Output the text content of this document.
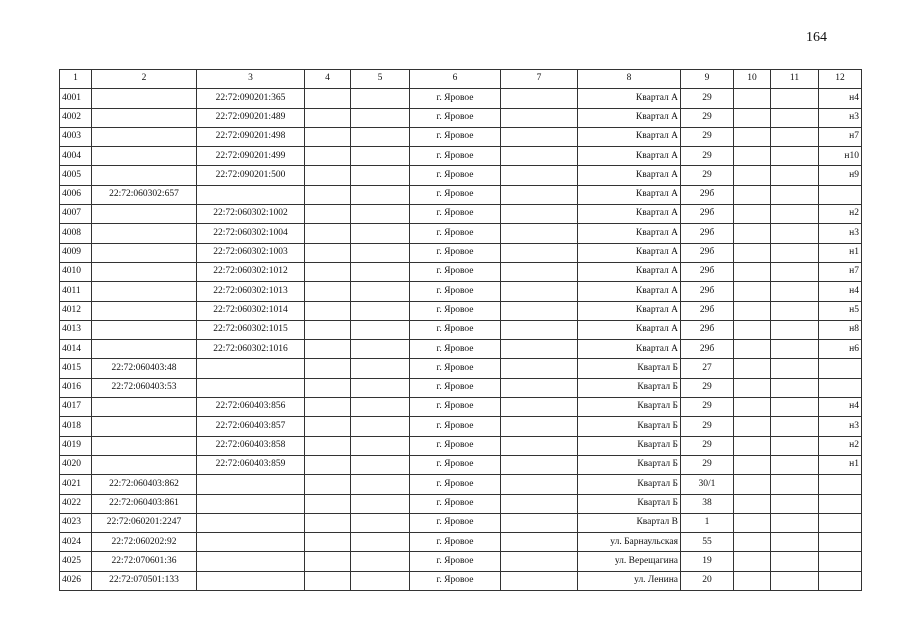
164
1	2	3	4	5	6	7	8	9	10	11	12
4001		22:72:090201:365			г. Яровое		Квартал А	29			н4
4002		22:72:090201:489			г. Яровое		Квартал А	29			н3
4003		22:72:090201:498			г. Яровое		Квартал А	29			н7
4004		22:72:090201:499			г. Яровое		Квартал А	29			н10
4005		22:72:090201:500			г. Яровое		Квартал А	29			н9
4006	22:72:060302:657				г. Яровое		Квартал А	29б			
4007		22:72:060302:1002			г. Яровое		Квартал А	29б			н2
4008		22:72:060302:1004			г. Яровое		Квартал А	29б			н3
4009		22:72:060302:1003			г. Яровое		Квартал А	29б			н1
4010		22:72:060302:1012			г. Яровое		Квартал А	29б			н7
4011		22:72:060302:1013			г. Яровое		Квартал А	29б			н4
4012		22:72:060302:1014			г. Яровое		Квартал А	29б			н5
4013		22:72:060302:1015			г. Яровое		Квартал А	29б			н8
4014		22:72:060302:1016			г. Яровое		Квартал А	29б			н6
4015	22:72:060403:48				г. Яровое		Квартал Б	27			
4016	22:72:060403:53				г. Яровое		Квартал Б	29			
4017		22:72:060403:856			г. Яровое		Квартал Б	29			н4
4018		22:72:060403:857			г. Яровое		Квартал Б	29			н3
4019		22:72:060403:858			г. Яровое		Квартал Б	29			н2
4020		22:72:060403:859			г. Яровое		Квартал Б	29			н1
4021	22:72:060403:862				г. Яровое		Квартал Б	30/1			
4022	22:72:060403:861				г. Яровое		Квартал Б	38			
4023	22:72:060201:2247				г. Яровое		Квартал В	1			
4024	22:72:060202:92				г. Яровое		ул. Барнаульская	55			
4025	22:72:070601:36				г. Яровое		ул. Верещагина	19			
4026	22:72:070501:133				г. Яровое		ул. Ленина	20			
